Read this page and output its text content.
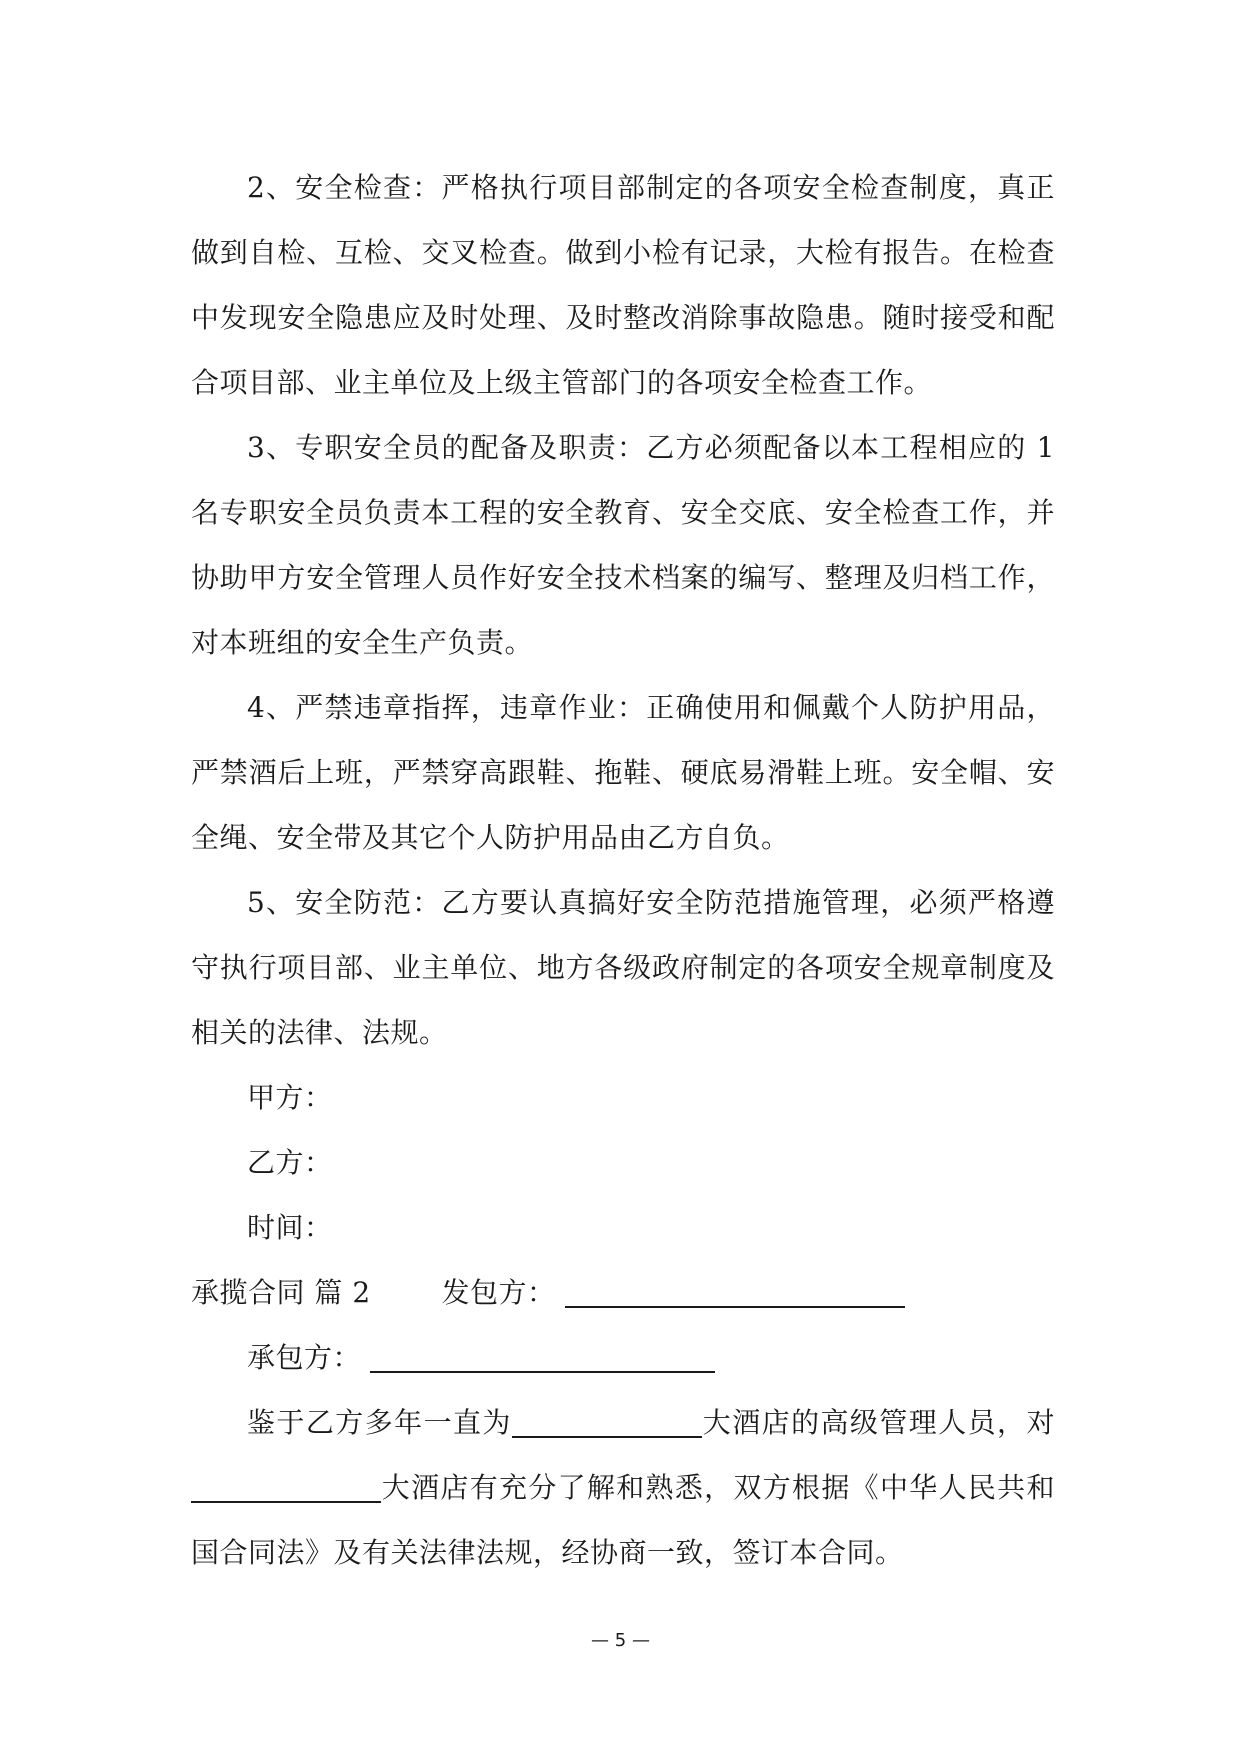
2、安全检查：严格执行项目部制定的各项安全检查制度，真正做到自检、互检、交叉检查。做到小检有记录，大检有报告。在检查中发现安全隐患应及时处理、及时整改消除事故隐患。随时接受和配合项目部、业主单位及上级主管部门的各项安全检查工作。

3、专职安全员的配备及职责：乙方必须配备以本工程相应的 1名专职安全员负责本工程的安全教育、安全交底、安全检查工作，并协助甲方安全管理人员作好安全技术档案的编写、整理及归档工作，对本班组的安全生产负责。

4、严禁违章指挥，违章作业：正确使用和佩戴个人防护用品，严禁酒后上班，严禁穿高跟鞋、拖鞋、硬底易滑鞋上班。安全帽、安全绳、安全带及其它个人防护用品由乙方自负。

5、安全防范：乙方要认真搞好安全防范措施管理，必须严格遵守执行项目部、业主单位、地方各级政府制定的各项安全规章制度及相关的法律、法规。

甲方：
乙方：
时间：
承揽合同 篇 2	发包方：
承包方：

鉴于乙方多年一直为	大酒店的高级管理人员，对大酒店有充分了解和熟悉，双方根据《中华人民共和国合同法》及有关法律法规，经协商一致，签订本合同。

— 5 —
